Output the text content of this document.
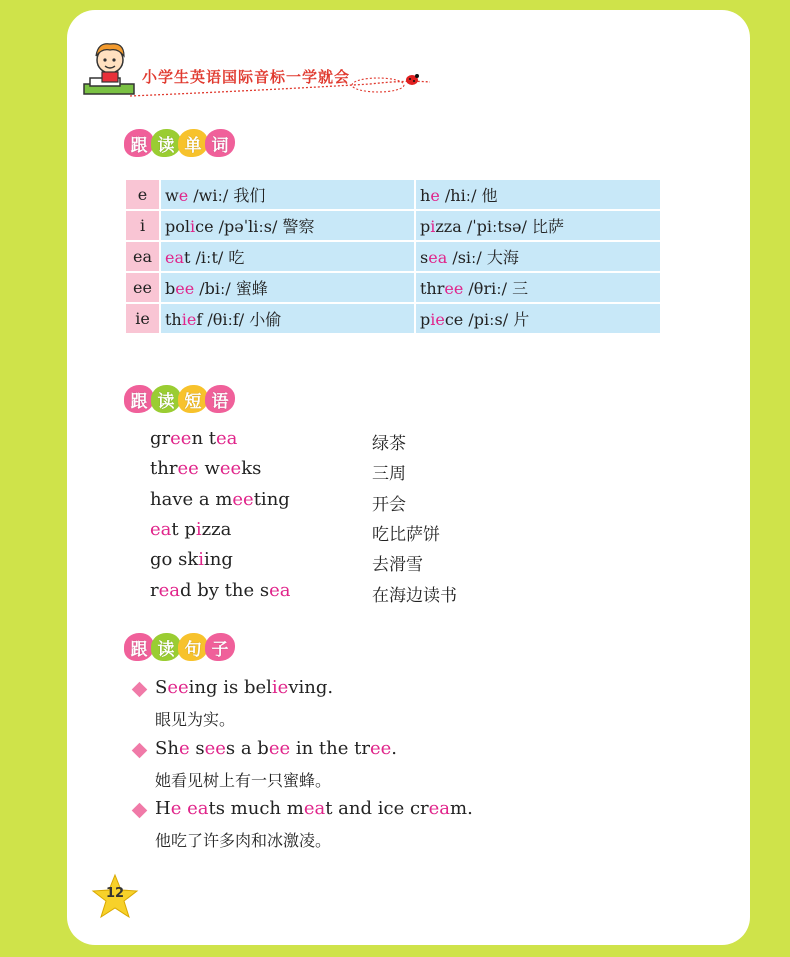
小学生英语国际音标一学就会
跟 读 单 词
e	we /wiː/ 我们	he /hiː/ 他
i	police /pəˈliːs/ 警察	pizza /ˈpiːtsə/ 比萨
ea	eat /iːt/ 吃	sea /siː/ 大海
ee	bee /biː/ 蜜蜂	three /θriː/ 三
ie	thief /θiːf/ 小偷	piece /piːs/ 片
跟 读 短 语
green tea	绿茶
three weeks	三周
have a meeting	开会
eat pizza	吃比萨饼
go skiing	去滑雪
read by the sea	在海边读书
跟 读 句 子
Seeing is believing.
眼见为实。
She sees a bee in the tree.
她看见树上有一只蜜蜂。
He eats much meat and ice cream.
他吃了许多肉和冰激凌。
12
